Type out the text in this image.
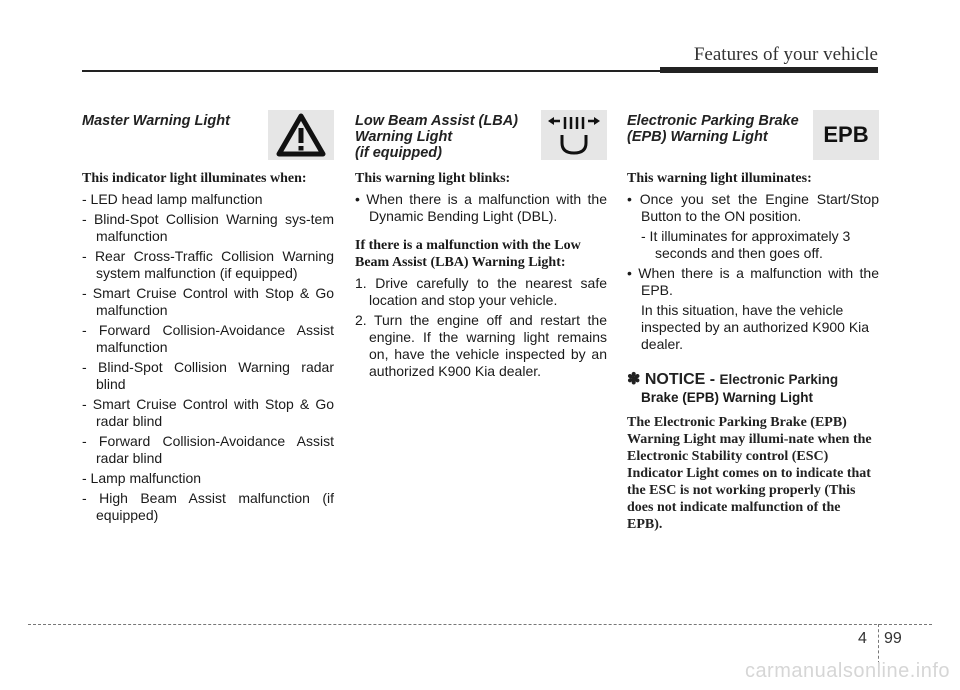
Features of your vehicle
Master Warning Light
This indicator light illuminates when:
- LED head lamp malfunction
- Blind-Spot Collision Warning sys-tem malfunction
- Rear Cross-Traffic Collision Warning system malfunction (if equipped)
- Smart Cruise Control with Stop & Go malfunction
- Forward Collision-Avoidance Assist malfunction
- Blind-Spot Collision Warning radar blind
- Smart Cruise Control with Stop & Go radar blind
- Forward Collision-Avoidance Assist radar blind
- Lamp malfunction
- High Beam Assist malfunction (if equipped)
Low Beam Assist (LBA)
Warning Light
(if equipped)
This warning light blinks:
• When there is a malfunction with the Dynamic Bending Light (DBL).
If there is a malfunction with the Low Beam Assist (LBA) Warning Light:
1. Drive carefully to the nearest safe location and stop your vehicle.
2. Turn the engine off and restart the engine. If the warning light remains on, have the vehicle inspected by an authorized K900 Kia dealer.
Electronic Parking Brake
(EPB) Warning Light	EPB
This warning light illuminates:
• Once you set the Engine Start/Stop Button to the ON position.
- It illuminates for approximately 3 seconds and then goes off.
• When there is a malfunction with the EPB.
In this situation, have the vehicle inspected by an authorized K900 Kia dealer.
✽ NOTICE - Electronic Parking
Brake (EPB) Warning Light
The Electronic Parking Brake (EPB) Warning Light may illumi-nate when the Electronic Stability control (ESC) Indicator Light comes on to indicate that the ESC is not working properly (This does not indicate malfunction of the EPB).
4 99
carmanualsonline.info
